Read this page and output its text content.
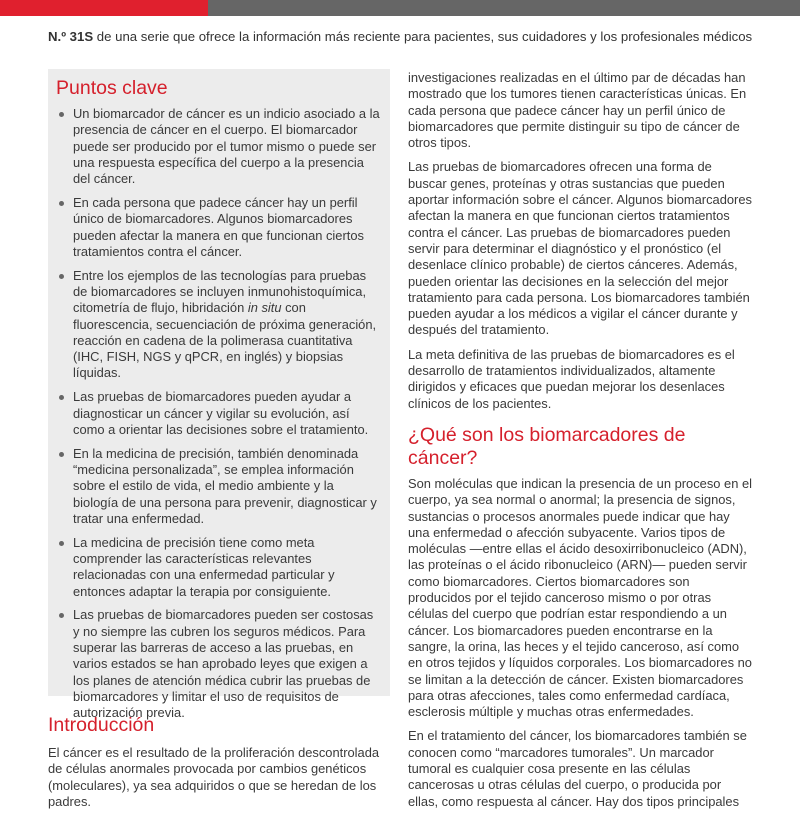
N.º 31S de una serie que ofrece la información más reciente para pacientes, sus cuidadores y los profesionales médicos
Puntos clave
Un biomarcador de cáncer es un indicio asociado a la presencia de cáncer en el cuerpo. El biomarcador puede ser producido por el tumor mismo o puede ser una respuesta específica del cuerpo a la presencia del cáncer.
En cada persona que padece cáncer hay un perfil único de biomarcadores. Algunos biomarcadores pueden afectar la manera en que funcionan ciertos tratamientos contra el cáncer.
Entre los ejemplos de las tecnologías para pruebas de biomarcadores se incluyen inmunohistoquímica, citometría de flujo, hibridación in situ con fluorescencia, secuenciación de próxima generación, reacción en cadena de la polimerasa cuantitativa (IHC, FISH, NGS y qPCR, en inglés) y biopsias líquidas.
Las pruebas de biomarcadores pueden ayudar a diagnosticar un cáncer y vigilar su evolución, así como a orientar las decisiones sobre el tratamiento.
En la medicina de precisión, también denominada “medicina personalizada”, se emplea información sobre el estilo de vida, el medio ambiente y la biología de una persona para prevenir, diagnosticar y tratar una enfermedad.
La medicina de precisión tiene como meta comprender las características relevantes relacionadas con una enfermedad particular y entonces adaptar la terapia por consiguiente.
Las pruebas de biomarcadores pueden ser costosas y no siempre las cubren los seguros médicos. Para superar las barreras de acceso a las pruebas, en varios estados se han aprobado leyes que exigen a los planes de atención médica cubrir las pruebas de biomarcadores y limitar el uso de requisitos de autorización previa.
Introducción

El cáncer es el resultado de la proliferación descontrolada de células anormales provocada por cambios genéticos (moleculares), ya sea adquiridos o que se heredan de los padres.

investigaciones realizadas en el último par de décadas han mostrado que los tumores tienen características únicas. En cada persona que padece cáncer hay un perfil único de biomarcadores que permite distinguir su tipo de cáncer de otros tipos.

Las pruebas de biomarcadores ofrecen una forma de buscar genes, proteínas y otras sustancias que pueden aportar información sobre el cáncer. Algunos biomarcadores afectan la manera en que funcionan ciertos tratamientos contra el cáncer. Las pruebas de biomarcadores pueden servir para determinar el diagnóstico y el pronóstico (el desenlace clínico probable) de ciertos cánceres. Además, pueden orientar las decisiones en la selección del mejor tratamiento para cada persona. Los biomarcadores también pueden ayudar a los médicos a vigilar el cáncer durante y después del tratamiento.

La meta definitiva de las pruebas de biomarcadores es el desarrollo de tratamientos individualizados, altamente dirigidos y eficaces que puedan mejorar los desenlaces clínicos de los pacientes.

¿Qué son los biomarcadores de cáncer?

Son moléculas que indican la presencia de un proceso en el cuerpo, ya sea normal o anormal; la presencia de signos, sustancias o procesos anormales puede indicar que hay una enfermedad o afección subyacente. Varios tipos de moléculas —entre ellas el ácido desoxirribonucleico (ADN), las proteínas o el ácido ribonucleico (ARN)— pueden servir como biomarcadores. Ciertos biomarcadores son producidos por el tejido canceroso mismo o por otras células del cuerpo que podrían estar respondiendo a un cáncer. Los biomarcadores pueden encontrarse en la sangre, la orina, las heces y el tejido canceroso, así como en otros tejidos y líquidos corporales. Los biomarcadores no se limitan a la detección de cáncer. Existen biomarcadores para otras afecciones, tales como enfermedad cardíaca, esclerosis múltiple y muchas otras enfermedades.

En el tratamiento del cáncer, los biomarcadores también se conocen como “marcadores tumorales”. Un marcador tumoral es cualquier cosa presente en las células cancerosas u otras células del cuerpo, o producida por ellas, como respuesta al cáncer. Hay dos tipos principales
